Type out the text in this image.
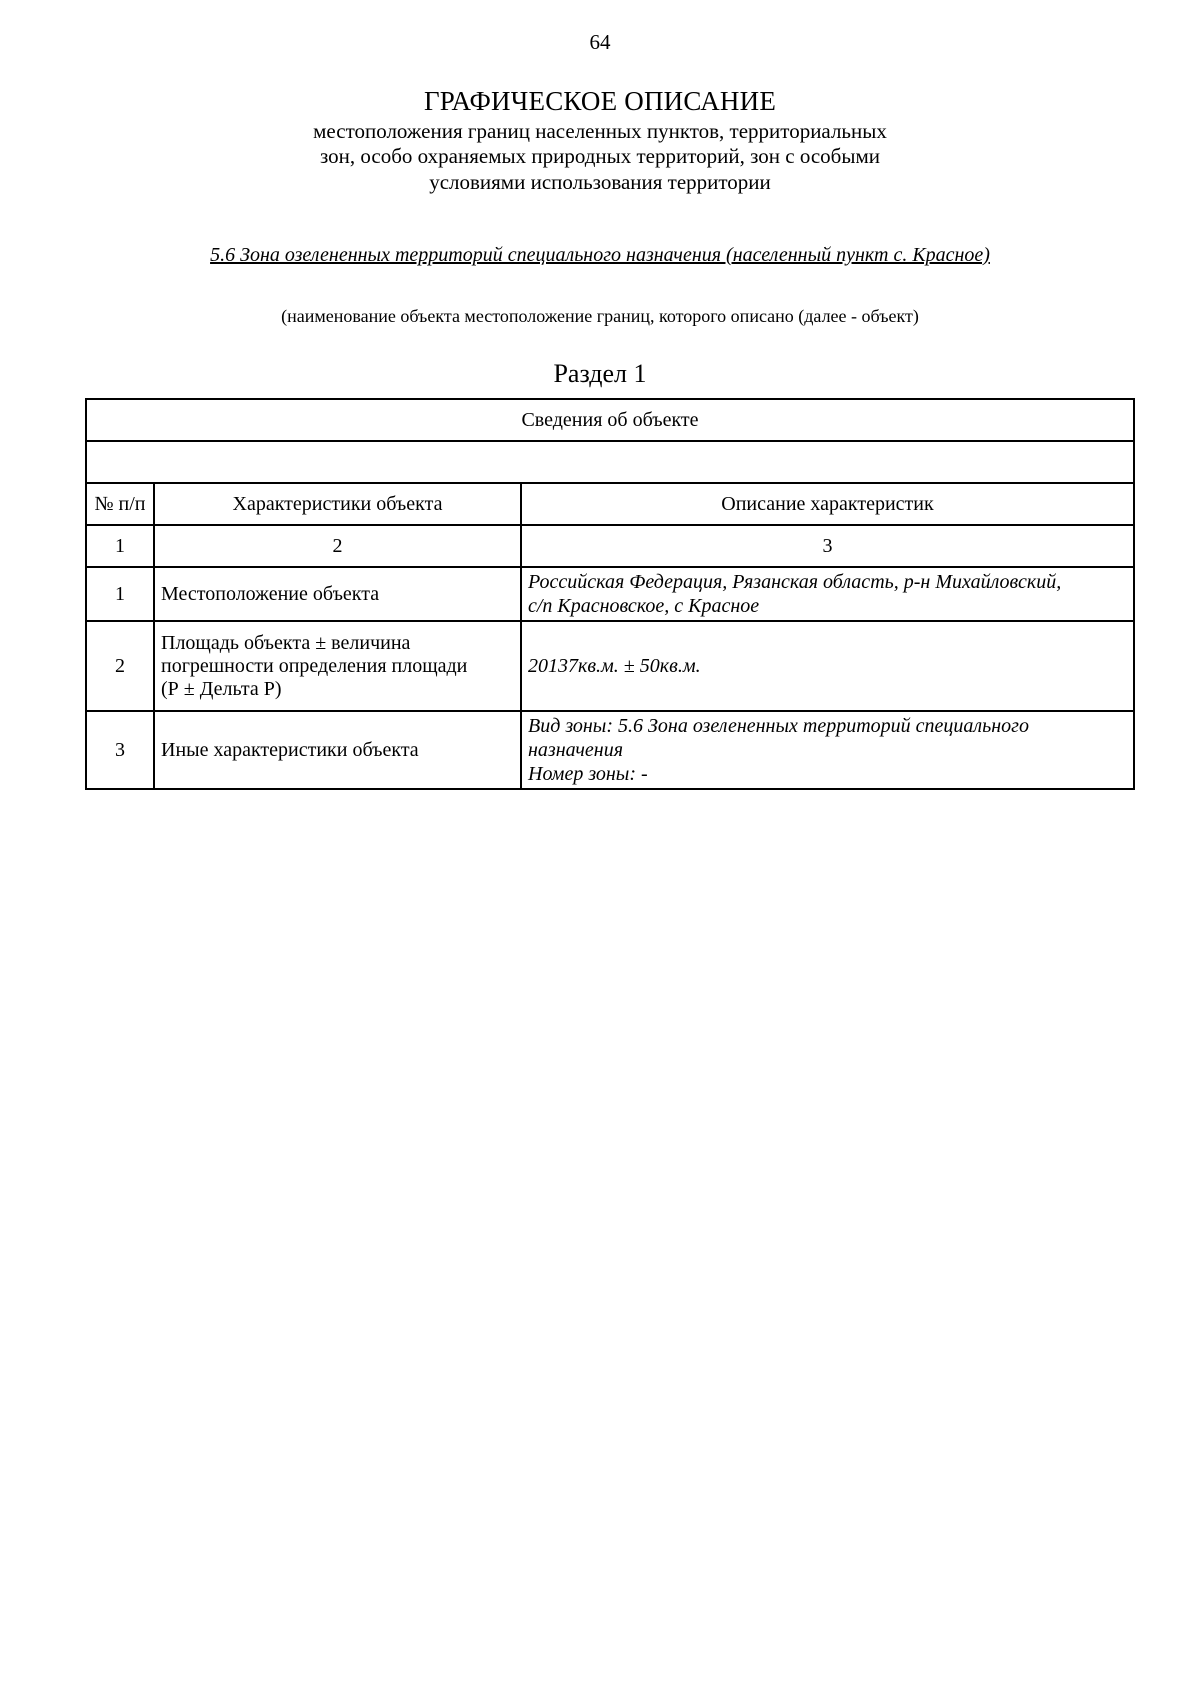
64
ГРАФИЧЕСКОЕ ОПИСАНИЕ
местоположения границ населенных пунктов, территориальных
зон, особо охраняемых природных территорий, зон с особыми
условиями использования территории
5.6 Зона озелененных территорий специального назначения (населенный пункт с. Красное)
(наименование объекта местоположение границ, которого описано (далее - объект)
Раздел 1
Сведения об объекте		

№ п/п	Характеристики объекта	Описание характеристик
1	2	3
1	Местоположение объекта	Российская Федерация, Рязанская область, р-н Михайловский,
с/п Красновское, с Красное

2	Площадь объекта ± величина
погрешности определения площади
(Р ± Дельта Р)	20137кв.м. ± 50кв.м.

3	Иные характеристики объекта	Вид зоны: 5.6 Зона озелененных территорий специального
назначения
Номер зоны: -
